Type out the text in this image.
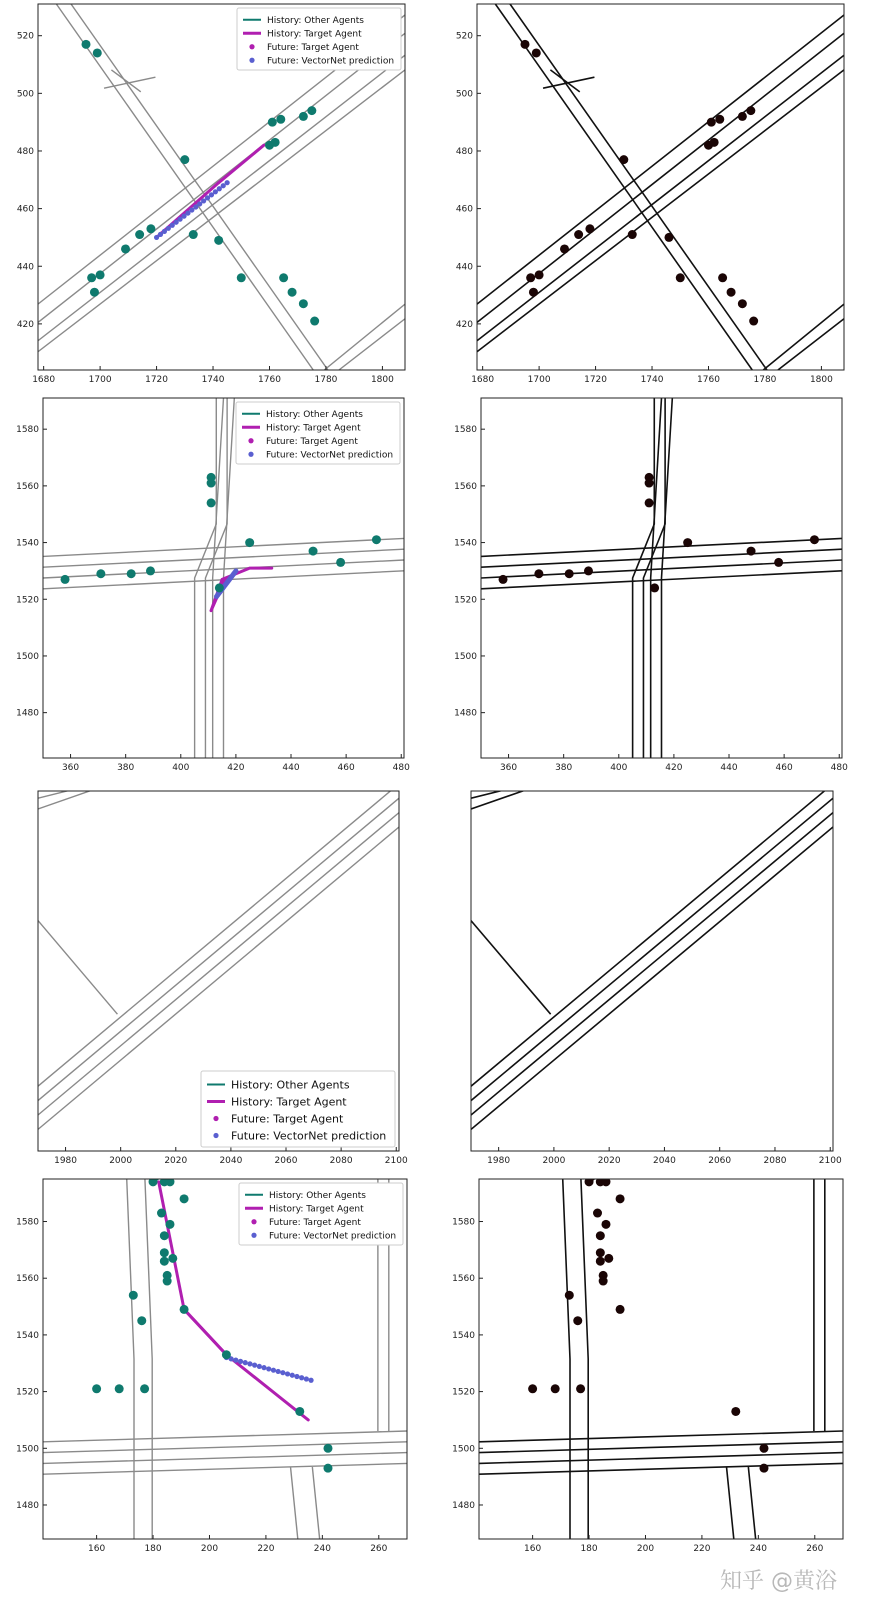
1680	1700	1720	1740	1760	1780	1800
420
440
460
480
500
520
History: Other Agents
History: Target Agent
Future: Target Agent
Future: VectorNet prediction
1680	1700	1720	1740	1760	1780	1800
420
440
460
480
500
520
360	380	400	420	440	460	480
1480
1500
1520
1540
1560
1580
History: Other Agents
History: Target Agent
Future: Target Agent
Future: VectorNet prediction
360	380	400	420	440	460	480
1480
1500
1520
1540
1560
1580
1980	2000	2020	2040	2060	2080	2100
History: Other Agents
History: Target Agent
Future: Target Agent
Future: VectorNet prediction
1980	2000	2020	2040	2060	2080	2100
160	180	200	220	240	260
1480
1500
1520
1540
1560
1580
History: Other Agents
History: Target Agent
Future: Target Agent
Future: VectorNet prediction
160	180	200	220	240	260
1480
1500
1520
1540
1560
1580
知乎 @黄浴
